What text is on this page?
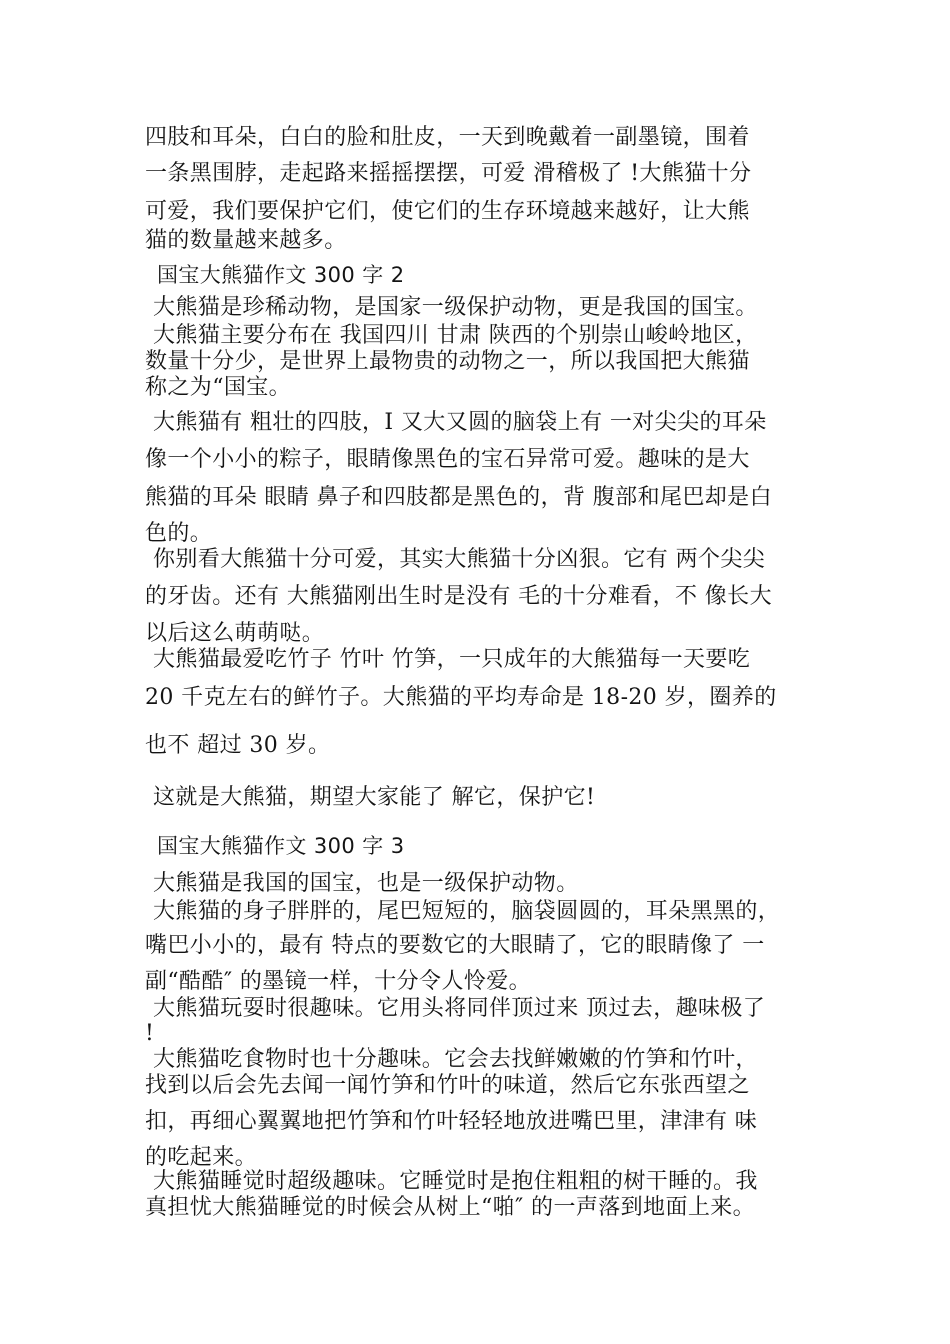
四肢和耳朵，白白的脸和肚皮，一天到晚戴着一副墨镜，围着
一条黑围脖，走起路来摇摇摆摆，可爱 滑稽极了 !大熊猫十分
可爱，我们要保护它们，使它们的生存环境越来越好，让大熊
猫的数量越来越多。
国宝大熊猫作文 300 字 2
大熊猫是珍稀动物，是国家一级保护动物，更是我国的国宝。
大熊猫主要分布在 我国四川 甘肃 陕西的个别崇山峻岭地区，
数量十分少，是世界上最物贵的动物之一，所以我国把大熊猫
称之为“国宝。
大熊猫有 粗壮的四肢，I 又大又圆的脑袋上有 一对尖尖的耳朵
像一个小小的粽子，眼睛像黑色的宝石异常可爱。趣味的是大
熊猫的耳朵 眼睛 鼻子和四肢都是黑色的，背 腹部和尾巴却是白
色的。
你别看大熊猫十分可爱，其实大熊猫十分凶狠。它有 两个尖尖
的牙齿。还有 大熊猫刚出生时是没有 毛的十分难看，不 像长大
以后这么萌萌哒。
大熊猫最爱吃竹子 竹叶 竹笋，一只成年的大熊猫每一天要吃
20 千克左右的鲜竹子。大熊猫的平均寿命是 18-20 岁，圈养的
也不 超过 30 岁。
这就是大熊猫，期望大家能了 解它，保护它!
国宝大熊猫作文 300 字 3
大熊猫是我国的国宝，也是一级保护动物。
大熊猫的身子胖胖的，尾巴短短的，脑袋圆圆的，耳朵黑黑的，
嘴巴小小的，最有 特点的要数它的大眼睛了，它的眼睛像了 一
副“酷酷″ 的墨镜一样，十分令人怜爱。
大熊猫玩耍时很趣味。它用头将同伴顶过来 顶过去，趣味极了
!
大熊猫吃食物时也十分趣味。它会去找鲜嫩嫩的竹笋和竹叶，
找到以后会先去闻一闻竹笋和竹叶的味道，然后它东张西望之
扣，再细心翼翼地把竹笋和竹叶轻轻地放进嘴巴里，津津有 味
的吃起来。
大熊猫睡觉时超级趣味。它睡觉时是抱住粗粗的树干睡的。我
真担忧大熊猫睡觉的时候会从树上“啪″ 的一声落到地面上来。
